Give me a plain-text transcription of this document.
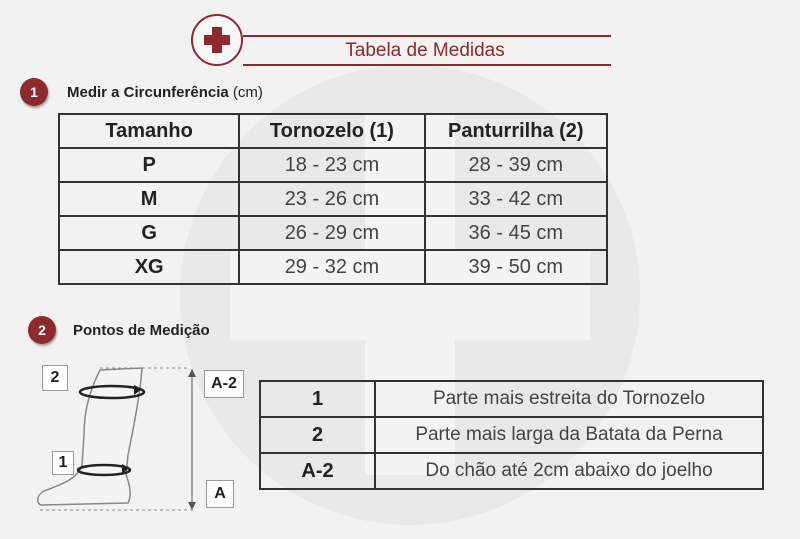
Tabela de Medidas
1	Medir a Circunferência (cm)
Tamanho	Tornozelo (1)	Panturrilha (2)
P	18 - 23 cm	28 - 39 cm
M	23 - 26 cm	33 - 42 cm
G	26 - 29 cm	36 - 45 cm
XG	29 - 32 cm	39 - 50 cm
2	Pontos de Medição
2
1
A-2
A
1	Parte mais estreita do Tornozelo
2	Parte mais larga da Batata da Perna
A-2	Do chão até 2cm abaixo do joelho
